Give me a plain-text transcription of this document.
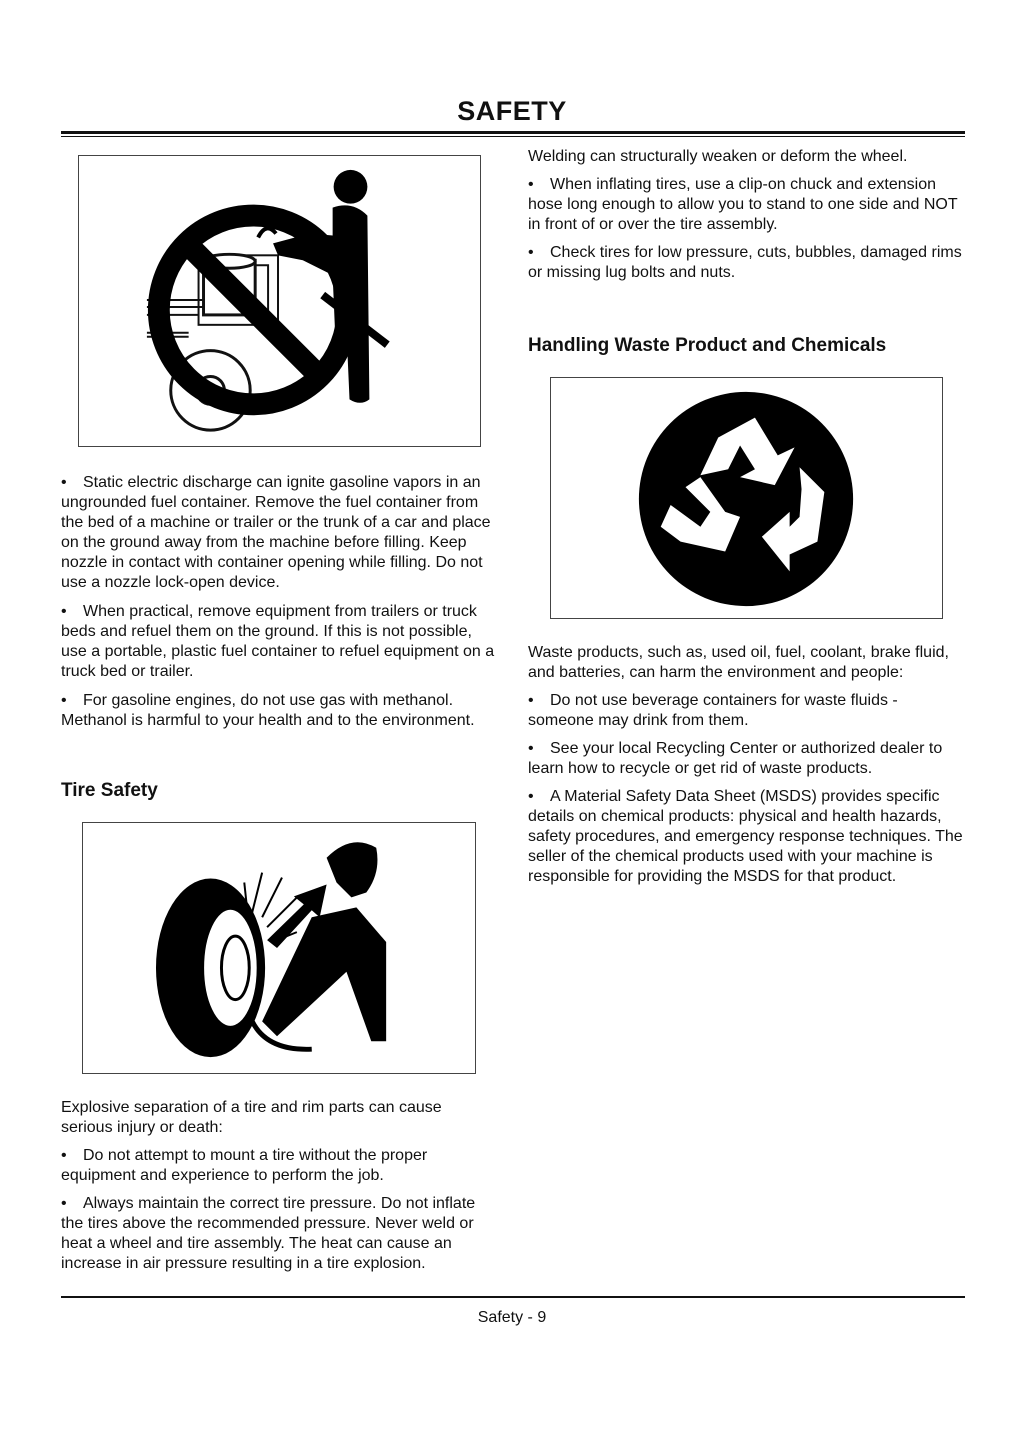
SAFETY

• Static electric discharge can ignite gasoline vapors in an ungrounded fuel container. Remove the fuel container from the bed of a machine or trailer or the trunk of a car and place on the ground away from the machine before filling. Keep nozzle in contact with container opening while filling. Do not use a nozzle lock-open device.

• When practical, remove equipment from trailers or truck beds and refuel them on the ground. If this is not possible, use a portable, plastic fuel container to refuel equipment on a truck bed or trailer.

• For gasoline engines, do not use gas with methanol. Methanol is harmful to your health and to the environment.

Tire Safety

Explosive separation of a tire and rim parts can cause serious injury or death:

• Do not attempt to mount a tire without the proper equipment and experience to perform the job.

• Always maintain the correct tire pressure. Do not inflate the tires above the recommended pressure. Never weld or heat a wheel and tire assembly. The heat can cause an increase in air pressure resulting in a tire explosion.

Welding can structurally weaken or deform the wheel.

• When inflating tires, use a clip-on chuck and extension hose long enough to allow you to stand to one side and NOT in front of or over the tire assembly.

• Check tires for low pressure, cuts, bubbles, damaged rims or missing lug bolts and nuts.

Handling Waste Product and Chemicals

Waste products, such as, used oil, fuel, coolant, brake fluid, and batteries, can harm the environment and people:

• Do not use beverage containers for waste fluids - someone may drink from them.

• See your local Recycling Center or authorized dealer to learn how to recycle or get rid of waste products.

• A Material Safety Data Sheet (MSDS) provides specific details on chemical products: physical and health hazards, safety procedures, and emergency response techniques. The seller of the chemical products used with your machine is responsible for providing the MSDS for that product.

Safety - 9
